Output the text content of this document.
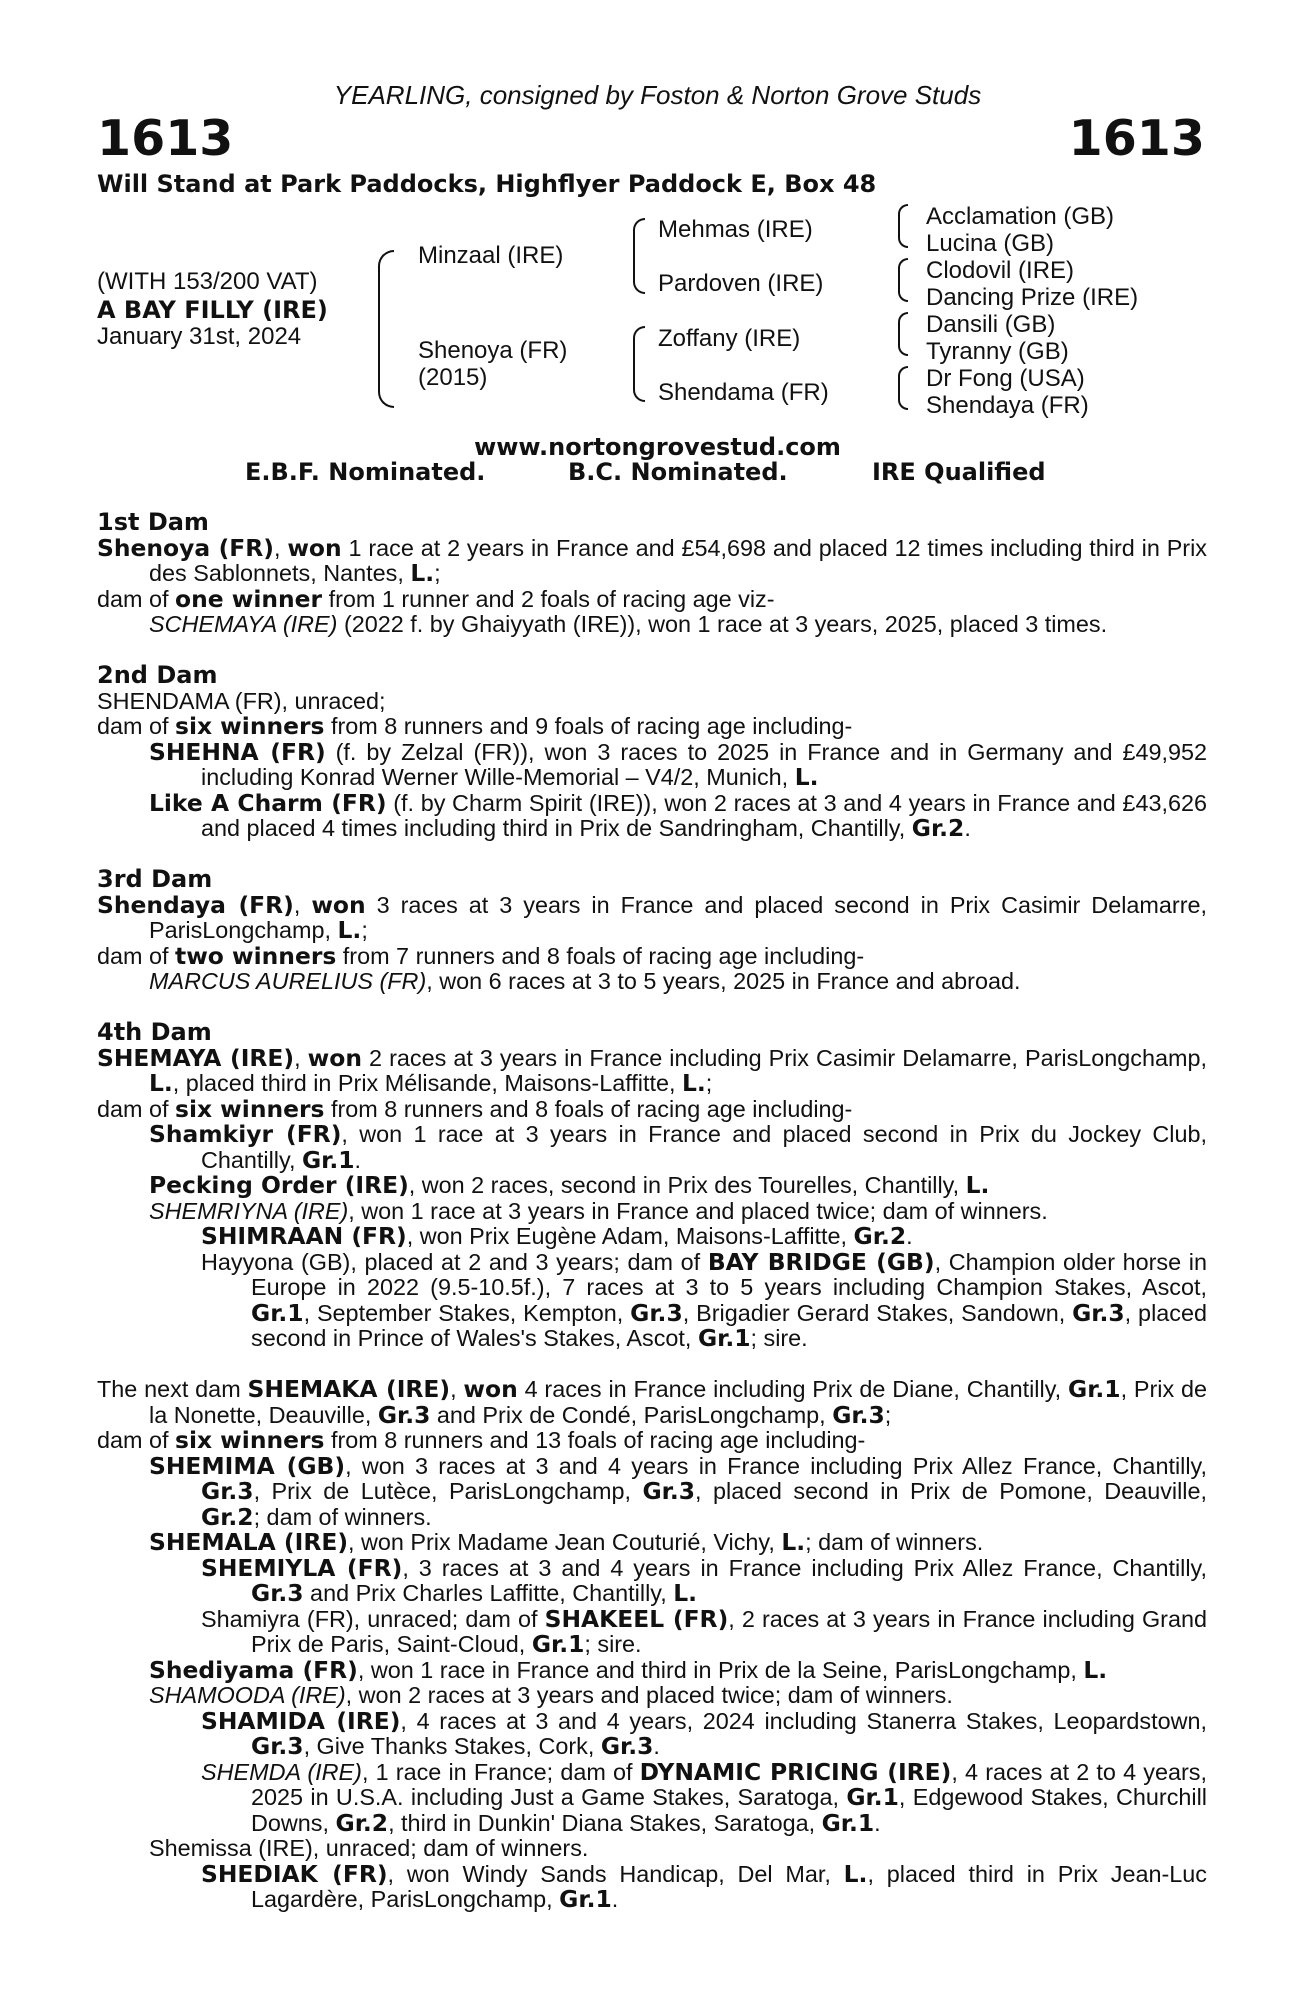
YEARLING, consigned by Foston & Norton Grove Studs
1613	1613
Will Stand at Park Paddocks, Highflyer Paddock E, Box 48
(WITH 153/200 VAT)
A BAY FILLY (IRE)
January 31st, 2024
Minzaal (IRE)
Shenoya (FR)
(2015)
Mehmas (IRE)
Pardoven (IRE)
Zoffany (IRE)
Shendama (FR)
Acclamation (GB)
Lucina (GB)
Clodovil (IRE)
Dancing Prize (IRE)
Dansili (GB)
Tyranny (GB)
Dr Fong (USA)
Shendaya (FR)
www.nortongrovestud.com
E.B.F. Nominated.	B.C. Nominated.	IRE Qualified
1st Dam

Shenoya (FR), won 1 race at 2 years in France and £54,698 and placed 12 times including third in Prix des Sablonnets, Nantes, L.;

dam of one winner from 1 runner and 2 foals of racing age viz-

SCHEMAYA (IRE) (2022 f. by Ghaiyyath (IRE)), won 1 race at 3 years, 2025, placed 3 times.

2nd Dam

SHENDAMA (FR), unraced;

dam of six winners from 8 runners and 9 foals of racing age including-

SHEHNA (FR) (f. by Zelzal (FR)), won 3 races to 2025 in France and in Germany and £49,952 including Konrad Werner Wille-Memorial – V4/2, Munich, L.

Like A Charm (FR) (f. by Charm Spirit (IRE)), won 2 races at 3 and 4 years in France and £43,626 and placed 4 times including third in Prix de Sandringham, Chantilly, Gr.2.

3rd Dam

Shendaya (FR), won 3 races at 3 years in France and placed second in Prix Casimir Delamarre, ParisLongchamp, L.;

dam of two winners from 7 runners and 8 foals of racing age including-

MARCUS AURELIUS (FR), won 6 races at 3 to 5 years, 2025 in France and abroad.

4th Dam

SHEMAYA (IRE), won 2 races at 3 years in France including Prix Casimir Delamarre, ParisLongchamp, L., placed third in Prix Mélisande, Maisons-Laffitte, L.;

dam of six winners from 8 runners and 8 foals of racing age including-

Shamkiyr (FR), won 1 race at 3 years in France and placed second in Prix du Jockey Club, Chantilly, Gr.1.

Pecking Order (IRE), won 2 races, second in Prix des Tourelles, Chantilly, L.

SHEMRIYNA (IRE), won 1 race at 3 years in France and placed twice; dam of winners.

SHIMRAAN (FR), won Prix Eugène Adam, Maisons-Laffitte, Gr.2.

Hayyona (GB), placed at 2 and 3 years; dam of BAY BRIDGE (GB), Champion older horse in Europe in 2022 (9.5-10.5f.), 7 races at 3 to 5 years including Champion Stakes, Ascot, Gr.1, September Stakes, Kempton, Gr.3, Brigadier Gerard Stakes, Sandown, Gr.3, placed second in Prince of Wales's Stakes, Ascot, Gr.1; sire.

The next dam SHEMAKA (IRE), won 4 races in France including Prix de Diane, Chantilly, Gr.1, Prix de la Nonette, Deauville, Gr.3 and Prix de Condé, ParisLongchamp, Gr.3;

dam of six winners from 8 runners and 13 foals of racing age including-

SHEMIMA (GB), won 3 races at 3 and 4 years in France including Prix Allez France, Chantilly, Gr.3, Prix de Lutèce, ParisLongchamp, Gr.3, placed second in Prix de Pomone, Deauville, Gr.2; dam of winners.

SHEMALA (IRE), won Prix Madame Jean Couturié, Vichy, L.; dam of winners.

SHEMIYLA (FR), 3 races at 3 and 4 years in France including Prix Allez France, Chantilly, Gr.3 and Prix Charles Laffitte, Chantilly, L.

Shamiyra (FR), unraced; dam of SHAKEEL (FR), 2 races at 3 years in France including Grand Prix de Paris, Saint-Cloud, Gr.1; sire.

Shediyama (FR), won 1 race in France and third in Prix de la Seine, ParisLongchamp, L.

SHAMOODA (IRE), won 2 races at 3 years and placed twice; dam of winners.

SHAMIDA (IRE), 4 races at 3 and 4 years, 2024 including Stanerra Stakes, Leopardstown, Gr.3, Give Thanks Stakes, Cork, Gr.3.

SHEMDA (IRE), 1 race in France; dam of DYNAMIC PRICING (IRE), 4 races at 2 to 4 years, 2025 in U.S.A. including Just a Game Stakes, Saratoga, Gr.1, Edgewood Stakes, Churchill Downs, Gr.2, third in Dunkin' Diana Stakes, Saratoga, Gr.1.

Shemissa (IRE), unraced; dam of winners.

SHEDIAK (FR), won Windy Sands Handicap, Del Mar, L., placed third in Prix Jean-Luc Lagardère, ParisLongchamp, Gr.1.
